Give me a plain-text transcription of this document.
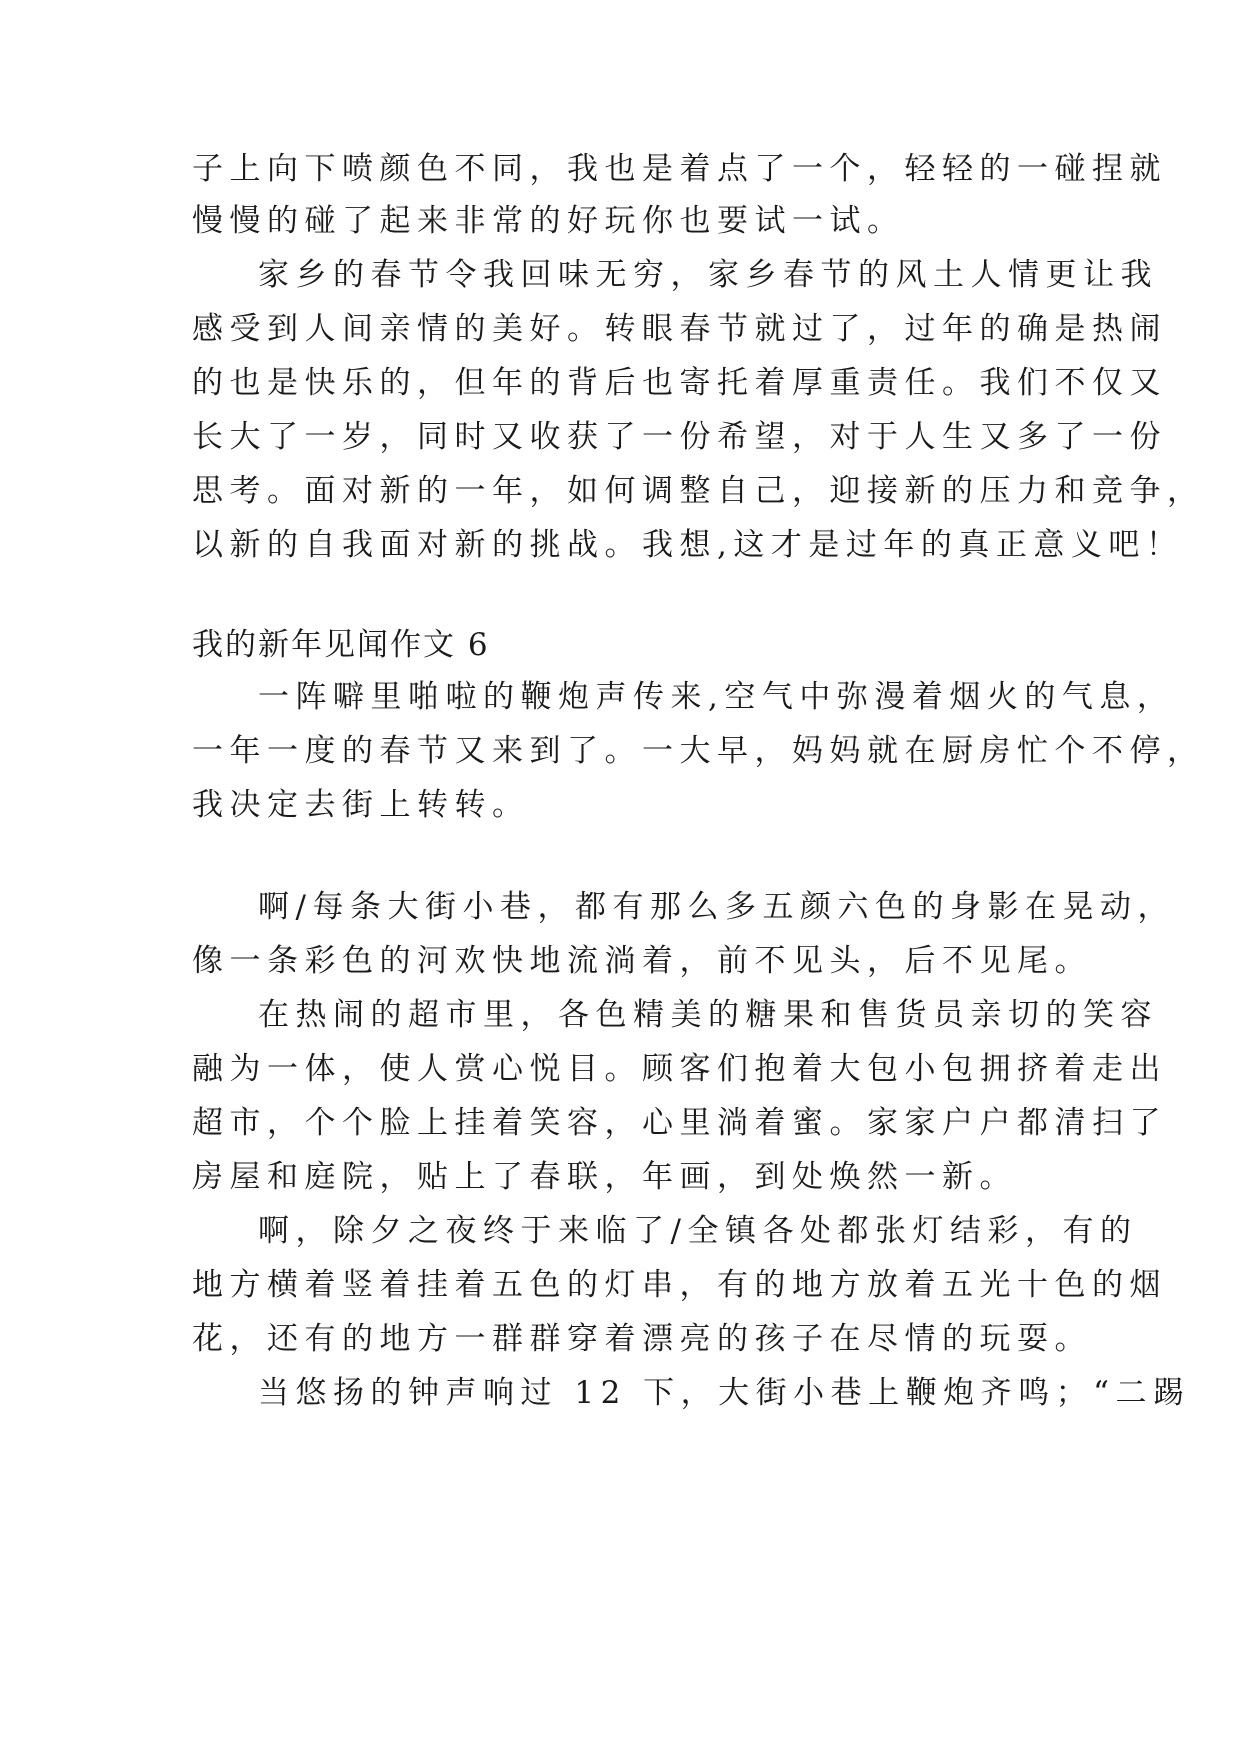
子上向下喷颜色不同，我也是着点了一个，轻轻的一碰捏就
慢慢的碰了起来非常的好玩你也要试一试。
家乡的春节令我回味无穷，家乡春节的风土人情更让我
感受到人间亲情的美好。转眼春节就过了，过年的确是热闹
的也是快乐的，但年的背后也寄托着厚重责任。我们不仅又
长大了一岁，同时又收获了一份希望，对于人生又多了一份
思考。面对新的一年，如何调整自己，迎接新的压力和竞争，
以新的自我面对新的挑战。我想,这才是过年的真正意义吧！
我的新年见闻作文 6
一阵噼里啪啦的鞭炮声传来,空气中弥漫着烟火的气息，
一年一度的春节又来到了。一大早，妈妈就在厨房忙个不停，
我决定去街上转转。
啊/每条大街小巷，都有那么多五颜六色的身影在晃动，
像一条彩色的河欢快地流淌着，前不见头，后不见尾。
在热闹的超市里，各色精美的糖果和售货员亲切的笑容
融为一体，使人赏心悦目。顾客们抱着大包小包拥挤着走出
超市，个个脸上挂着笑容，心里淌着蜜。家家户户都清扫了
房屋和庭院，贴上了春联，年画，到处焕然一新。
啊，除夕之夜终于来临了/全镇各处都张灯结彩，有的
地方横着竖着挂着五色的灯串，有的地方放着五光十色的烟
花，还有的地方一群群穿着漂亮的孩子在尽情的玩耍。
当悠扬的钟声响过 12 下，大街小巷上鞭炮齐鸣；“二踢
